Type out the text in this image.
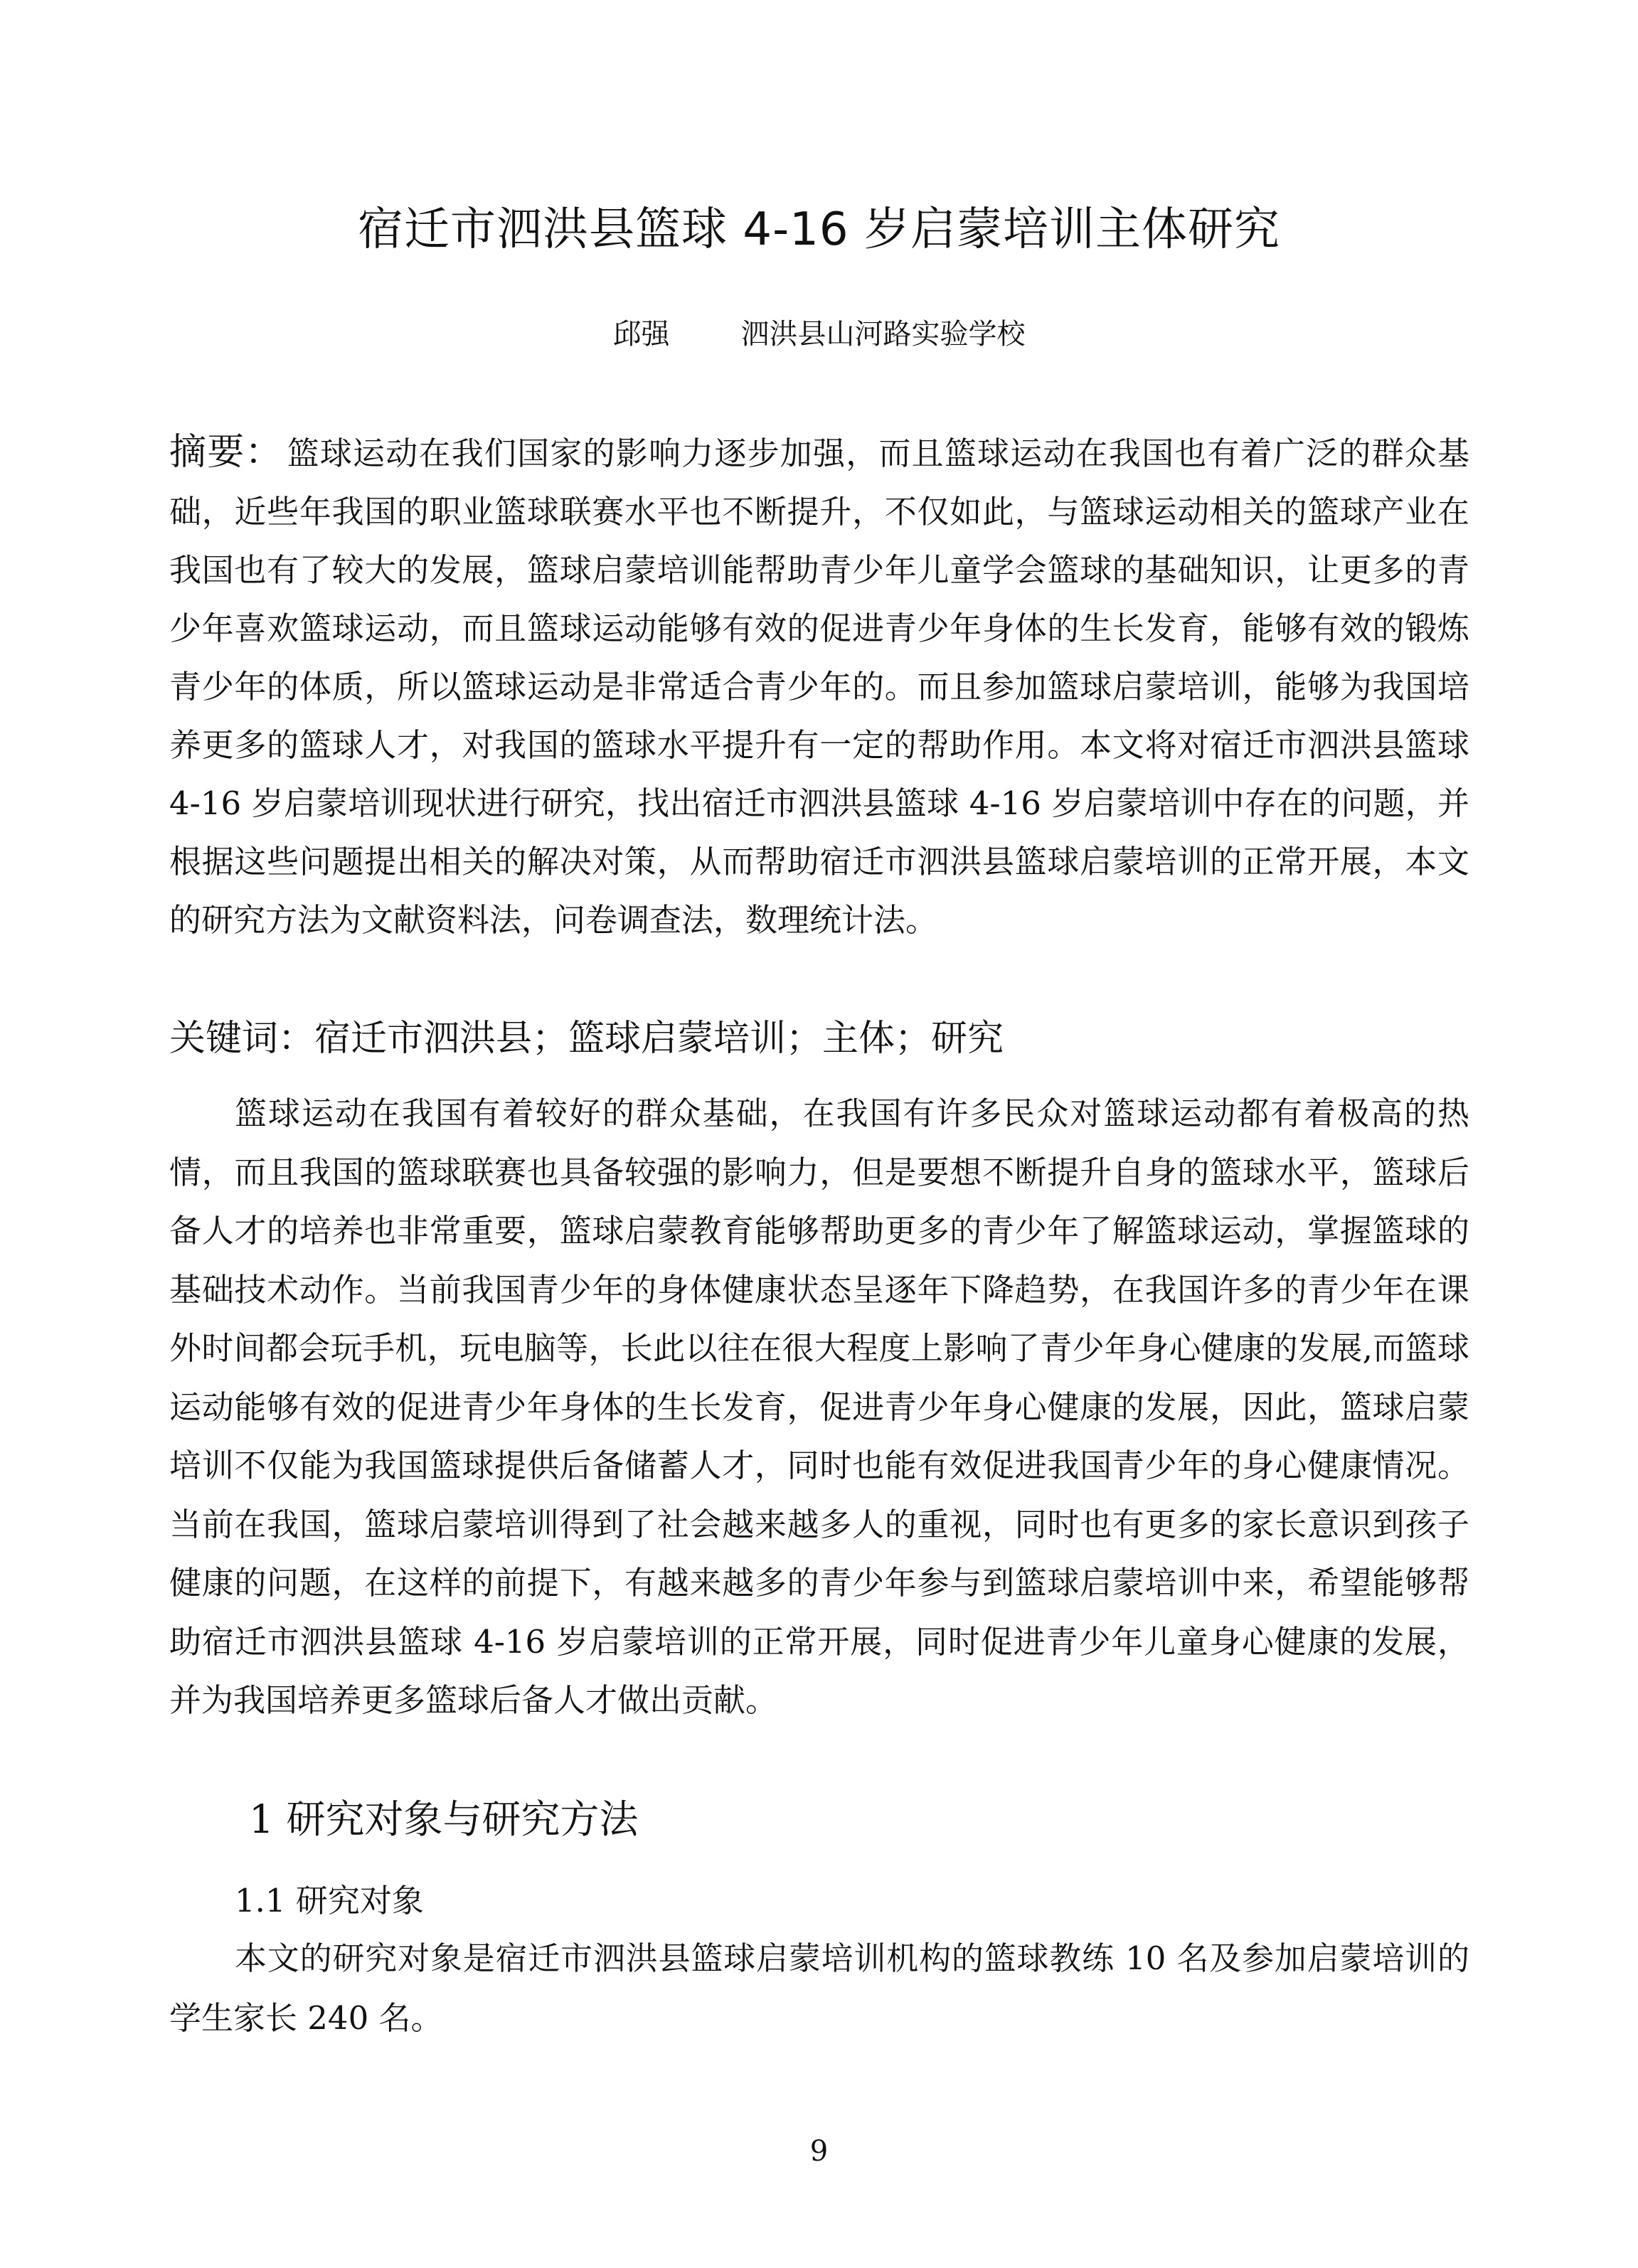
宿迁市泗洪县篮球 4-16 岁启蒙培训主体研究
邱强	泗洪县山河路实验学校

摘要： 篮球运动在我们国家的影响力逐步加强，而且篮球运动在我国也有着广泛的群众基础，近些年我国的职业篮球联赛水平也不断提升，不仅如此，与篮球运动相关的篮球产业在我国也有了较大的发展，篮球启蒙培训能帮助青少年儿童学会篮球的基础知识，让更多的青少年喜欢篮球运动，而且篮球运动能够有效的促进青少年身体的生长发育，能够有效的锻炼青少年的体质，所以篮球运动是非常适合青少年的。而且参加篮球启蒙培训，能够为我国培养更多的篮球人才，对我国的篮球水平提升有一定的帮助作用。本文将对宿迁市泗洪县篮球 4-16 岁启蒙培训现状进行研究，找出宿迁市泗洪县篮球 4-16 岁启蒙培训中存在的问题，并根据这些问题提出相关的解决对策，从而帮助宿迁市泗洪县篮球启蒙培训的正常开展，本文的研究方法为文献资料法，问卷调查法，数理统计法。

关键词：宿迁市泗洪县；篮球启蒙培训；主体；研究

篮球运动在我国有着较好的群众基础，在我国有许多民众对篮球运动都有着极高的热情，而且我国的篮球联赛也具备较强的影响力，但是要想不断提升自身的篮球水平，篮球后备人才的培养也非常重要，篮球启蒙教育能够帮助更多的青少年了解篮球运动，掌握篮球的基础技术动作。当前我国青少年的身体健康状态呈逐年下降趋势，在我国许多的青少年在课外时间都会玩手机，玩电脑等，长此以往在很大程度上影响了青少年身心健康的发展,而篮球运动能够有效的促进青少年身体的生长发育，促进青少年身心健康的发展，因此，篮球启蒙培训不仅能为我国篮球提供后备储蓄人才，同时也能有效促进我国青少年的身心健康情况。当前在我国，篮球启蒙培训得到了社会越来越多人的重视，同时也有更多的家长意识到孩子健康的问题，在这样的前提下，有越来越多的青少年参与到篮球启蒙培训中来，希望能够帮助宿迁市泗洪县篮球 4-16 岁启蒙培训的正常开展，同时促进青少年儿童身心健康的发展，并为我国培养更多篮球后备人才做出贡献。

1 研究对象与研究方法
1.1 研究对象

本文的研究对象是宿迁市泗洪县篮球启蒙培训机构的篮球教练 10 名及参加启蒙培训的学生家长 240 名。

9
